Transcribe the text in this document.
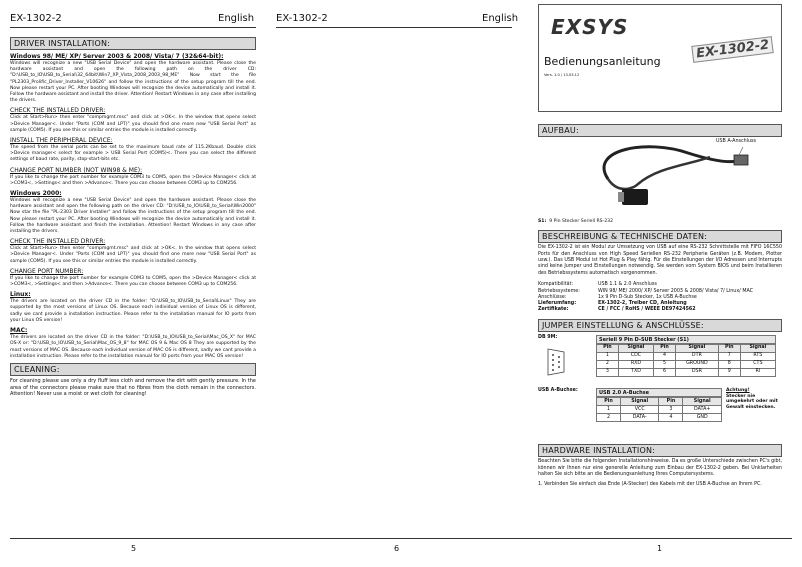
EX-1302-2	English EX-1302-2	English
DRIVER INSTALLATION:
Windows 98/ ME/ XP/ Server 2003 & 2008/ Vista/ 7 (32&64-bit):
Windows will recognize a new "USB Serial Device" and open the hardware assistant. Please close the hardware assistant and open the following path on the driver CD: "D:\USB_to_IO\USB_to_Serial\32_64bit\Win7_XP_Vista_2008_2003_98_ME" Now start the file "PL2303_Prolific_Driver_Installer_V10626" and follow the instructions of the setup program till the end. Now please restart your PC. After booting Windows will recognize the device automatically and install it. Follow the hardware assistant and install the driver. Attention! Restart Windows in any case after installing the drivers.
CHECK THE INSTALLED DRIVER:
Click at Start>Run> then enter "compmgmt.msc" and click at >OK<. In the window that opens select >Device Manager<. Under "Ports (COM and LPT)" you should find one more new "USB Serial Port" as sample (COM5). If you see this or similar entries the module is installed correctly.
INSTALL THE PERIPHERAL DEVICE:
The speed from the serial ports can be set to the maximum baud rate of 115.2Kbaud. Double click >Device manager< select for example > USB Serial Port (COM5)<. There you can select the different settings of baud rate, parity, stop-start-bits etc.
CHANGE PORT NUMBER (NOT WIN98 & ME):
If you like to change the port number for example COM3 to COM5, open the >Device Manager< click at >COM3<, >Settings< and then >Advance<. There you can choose between COM3 up to COM256.
Windows 2000:
Windows will recognize a new "USB Serial Device" and open the hardware assistant. Please close the hardware assistant and open the following path on the driver CD: "D:\USB_to_IO\USB_to_Serial\Win2000" Now star the file "PL-2303 Driver Installer" and follow the instructions of the setup program till the end. Now please restart your PC. After booting Windows will recognize the device automatically and install it. Follow the hardware assistant and finish the installation. Attention! Restart Windows in any case after installing the drivers.
CHECK THE INSTALLED DRIVER:
Click at Start>Run> then enter "compmgmt.msc" and click at >OK<. In the window that opens select >Device Manager<. Under "Ports (COM and LPT)" you should find one more new "USB Serial Port" as sample (COM5). If you see this or similar entries the module is installed correctly.
CHANGE PORT NUMBER:
If you like to change the port number for example COM3 to COM5, open the >Device Manager< click at >COM3<, >Settings< and then >Advance<. There you can choose between COM3 up to COM256.
Linux:
The drivers are located on the driver CD in the folder: "D:\USB_to_IO\USB_to_Serial\Linux" They are supported by the most versions of Linux OS. Because each individual version of Linux OS is different, sadly we cant provide a installation instruction. Please refer to the installation manual for IO ports from your Linux OS version!
MAC:
The drivers are located on the driver CD in the folder: "D:\USB_to_IO\USB_to_Serial\Mac_OS_X" for MAC OS-X or: "D:\USB_to_IO\USB_to_Serial\Mac_OS_9_8" for MAC OS 9 & Mac OS 8 They are supported by the most versions of MAC OS. Because each individual version of MAC OS is different, sadly we cant provide a installation instruction. Please refer to the installation manual for IO ports from your MAC OS version!
CLEANING:
For cleaning please use only a dry fluff less cloth and remove the dirt with gently pressure. In the area of the connectors please make sure that no fibres from the cloth remain in the connectors. Attention! Never use a moist or wet cloth for cleaning!
EXSYS
Bedienungsanleitung
EX-1302-2
Vers. 1.0 / 13.03.12
AUFBAU:
USB A-Anschluss
S1: 9 Pin Stecker Seriell RS-232
BESCHREIBUNG & TECHNISCHE DATEN:
Die EX-1302-2 ist ein Modul zur Umsetzung von USB auf eine RS-232 Schnittstelle mit FIFO 16C550 Ports für den Anschluss von High Speed Seriellen RS-232 Peripherie Geräten (z.B. Modem, Plotter usw.). Das USB Modul ist Hot Plug & Play fähig. Für die Einstellungen der I/O Adressen und Interrupts sind keine Jumper und Einstellungen notwendig. Sie werden vom System BIOS und beim Installieren des Betriebssystems automatisch vorgenommen.
Kompatibilität:	USB 1.1 & 2.0 Anschluss
Betriebssysteme:	WIN 98/ ME/ 2000/ XP/ Server 2003 & 2008/ Vista/ 7/ Linux/ MAC
Anschlüsse:	1x 9 Pin D-Sub Stecker, 1x USB A-Buchse
Lieferumfang:	EX-1302-2, Treiber CD, Anleitung
Zertifikate:	CE / FCC / RoHS / WEEE DE97424562
JUMPER EINSTELLUNG & ANSCHLÜSSE:
DB 9M:	Seriell 9 Pin D-SUB Stecker (S1)
Pin	Signal	Pin	Signal	Pin	Signal
1	CDC	4	DTR	7	RTS
2	RXD	5	GROUND	8	CTS
3	TXD	6	DSR	9	RI
USB A-Buchse:	USB 2.0 A-Buchse
Pin	Signal	Pin	Signal
1	VCC	3	DATA+
2	DATA-	4	GND
Achtung!
Stecker nie umgekehrt oder mit Gewalt einstecken.
HARDWARE INSTALLATION:
Beachten Sie bitte die folgenden Installationshinweise. Da es große Unterschiede zwischen PC's gibt, können wir Ihnen nur eine generelle Anleitung zum Einbau der EX-1302-2 geben. Bei Unklarheiten halten Sie sich bitte an die Bedienungsanleitung Ihres Computersystems.
1. Verbinden Sie einfach das Ende (A-Stecker) des Kabels mit der USB A-Buchse an Ihrem PC.
5	6	1
